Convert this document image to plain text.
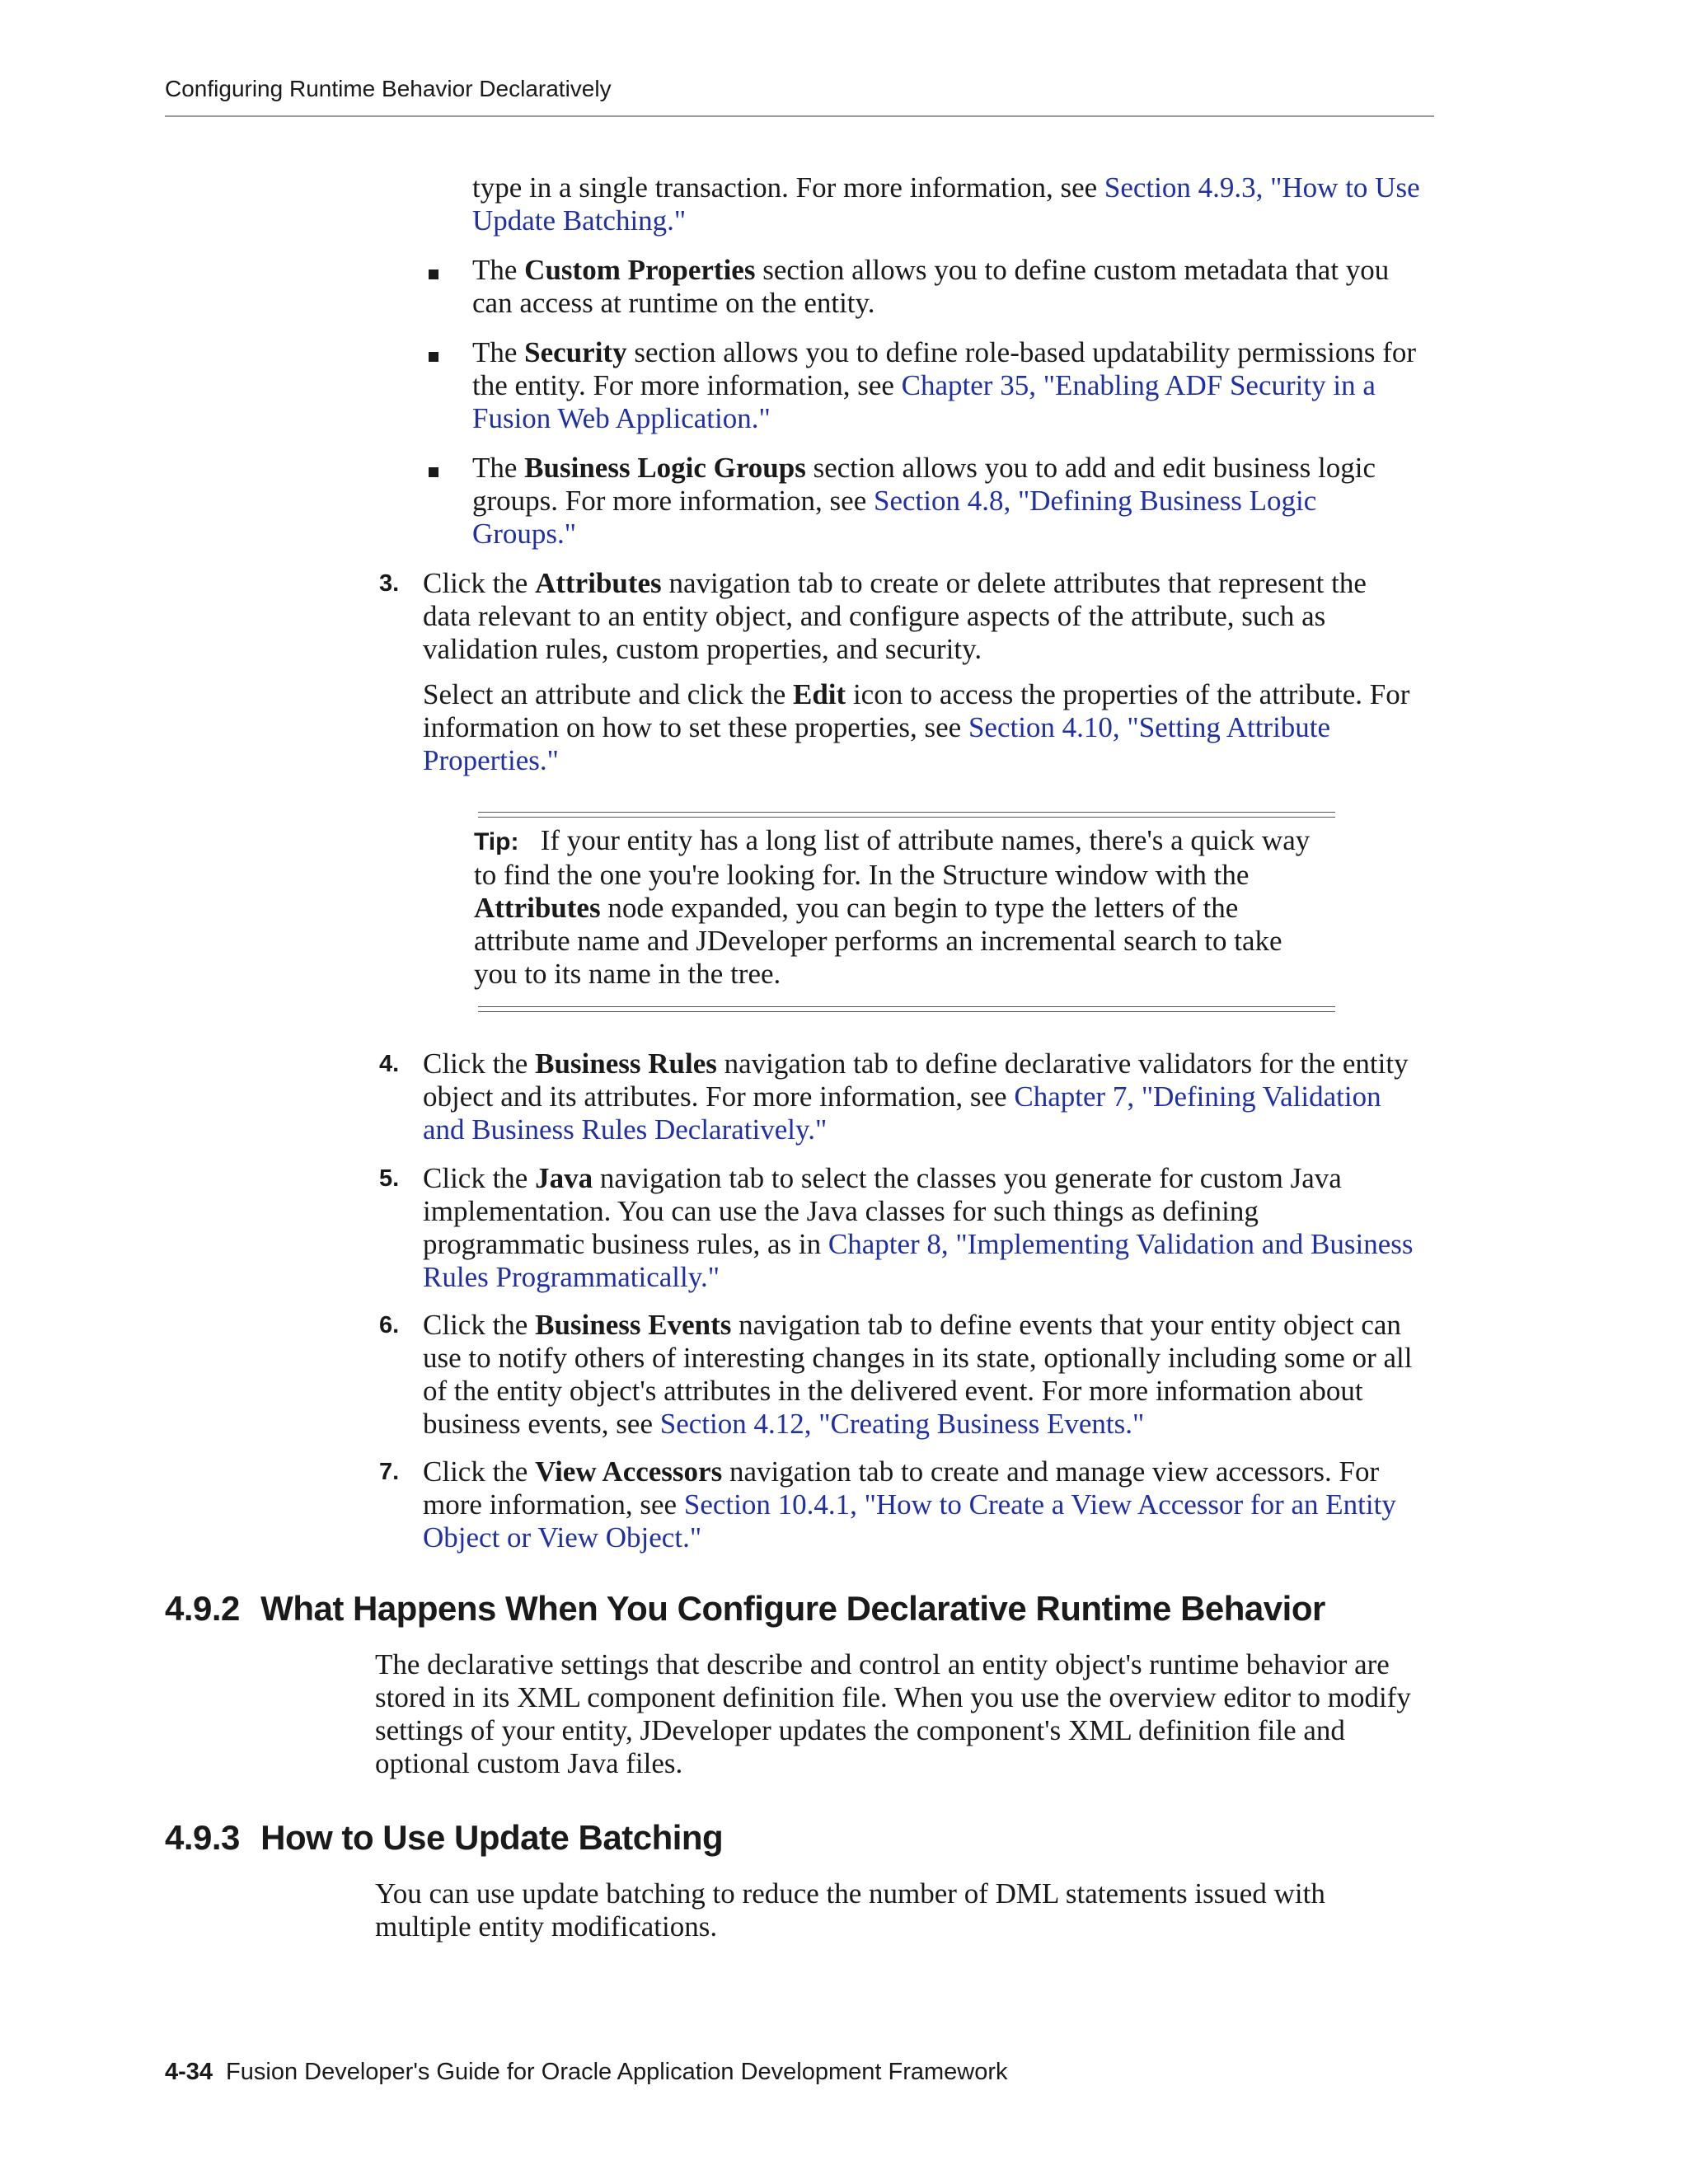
Configuring Runtime Behavior Declaratively
type in a single transaction. For more information, see Section 4.9.3, "How to Use Update Batching."
The Custom Properties section allows you to define custom metadata that you can access at runtime on the entity.
The Security section allows you to define role-based updatability permissions for the entity. For more information, see Chapter 35, "Enabling ADF Security in a Fusion Web Application."
The Business Logic Groups section allows you to add and edit business logic groups. For more information, see Section 4.8, "Defining Business Logic Groups."
3. Click the Attributes navigation tab to create or delete attributes that represent the data relevant to an entity object, and configure aspects of the attribute, such as validation rules, custom properties, and security.
Select an attribute and click the Edit icon to access the properties of the attribute. For information on how to set these properties, see Section 4.10, "Setting Attribute Properties."
Tip: If your entity has a long list of attribute names, there's a quick way to find the one you're looking for. In the Structure window with the Attributes node expanded, you can begin to type the letters of the attribute name and JDeveloper performs an incremental search to take you to its name in the tree.
4. Click the Business Rules navigation tab to define declarative validators for the entity object and its attributes. For more information, see Chapter 7, "Defining Validation and Business Rules Declaratively."
5. Click the Java navigation tab to select the classes you generate for custom Java implementation. You can use the Java classes for such things as defining programmatic business rules, as in Chapter 8, "Implementing Validation and Business Rules Programmatically."
6. Click the Business Events navigation tab to define events that your entity object can use to notify others of interesting changes in its state, optionally including some or all of the entity object's attributes in the delivered event. For more information about business events, see Section 4.12, "Creating Business Events."
7. Click the View Accessors navigation tab to create and manage view accessors. For more information, see Section 10.4.1, "How to Create a View Accessor for an Entity Object or View Object."
4.9.2 What Happens When You Configure Declarative Runtime Behavior
The declarative settings that describe and control an entity object's runtime behavior are stored in its XML component definition file. When you use the overview editor to modify settings of your entity, JDeveloper updates the component's XML definition file and optional custom Java files.
4.9.3 How to Use Update Batching
You can use update batching to reduce the number of DML statements issued with multiple entity modifications.
4-34 Fusion Developer's Guide for Oracle Application Development Framework
